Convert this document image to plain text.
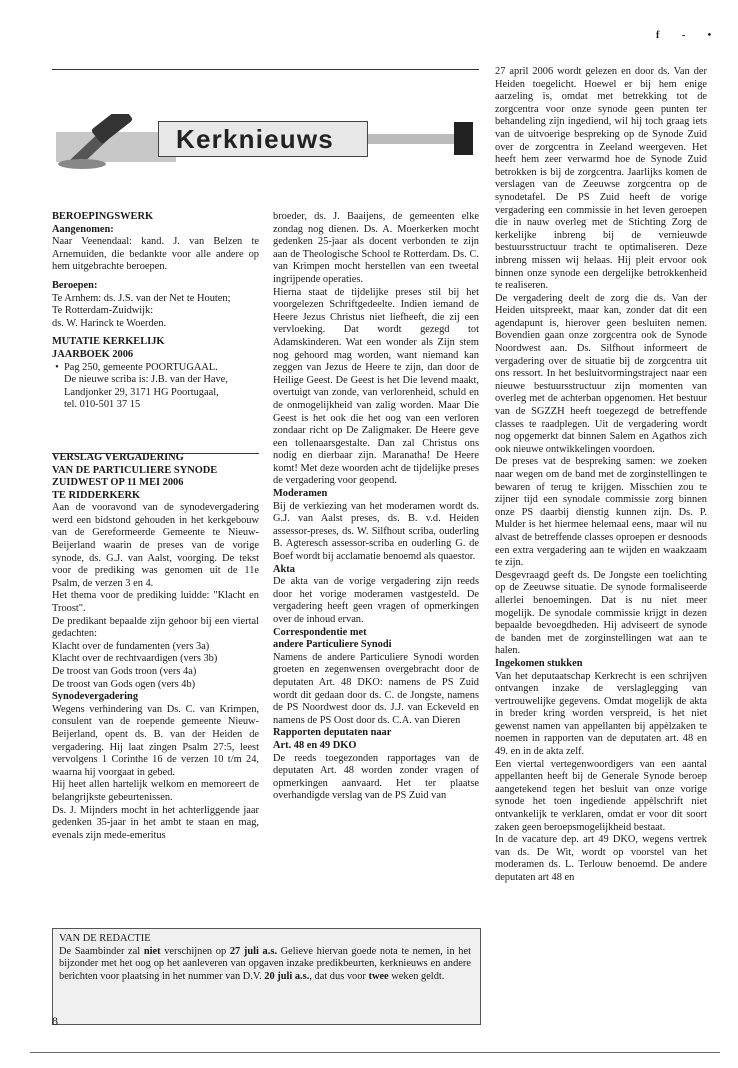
f - •
Kerknieuws

BEROEPINGSWERK

Aangenomen:

Naar Veenendaal: kand. J. van Belzen te Arnemuiden, die bedankte voor alle andere op hem uitgebrachte beroepen.

Beroepen:

Te Arnhem: ds. J.S. van der Net te Houten;

Te Rotterdam-Zuidwijk:

ds. W. Harinck te Woerden.

MUTATIE KERKELIJK

JAARBOEK 2006

• Pag 250, gemeente POORTUGAAL.

De nieuwe scriba is: J.B. van der Have,

Landjonker 29, 3171 HG Poortugaal,

tel. 010-501 37 15

VERSLAG VERGADERING

VAN DE PARTICULIERE SYNODE

ZUIDWEST OP 11 MEI 2006

TE RIDDERKERK

Aan de vooravond van de synodevergadering werd een bidstond gehouden in het kerkgebouw van de Gereformeerde Gemeente te Nieuw-Beijerland waarin de preses van de vorige synode, ds. G.J. van Aalst, voorging. De tekst voor de prediking was genomen uit de 11e Psalm, de verzen 3 en 4.

Het thema voor de prediking luidde: "Klacht en Troost".

De predikant bepaalde zijn gehoor bij een viertal gedachten:

Klacht over de fundamenten (vers 3a)

Klacht over de rechtvaardigen (vers 3b)

De troost van Gods troon (vers 4a)

De troost van Gods ogen (vers 4b)

Synodevergadering

Wegens verhindering van Ds. C. van Krimpen, consulent van de roepende gemeente Nieuw-Beijerland, opent ds. B. van der Heiden de vergadering. Hij laat zingen Psalm 27:5, leest vervolgens 1 Corinthe 16 de verzen 10 t/m 24, waarna hij voorgaat in gebed.

Hij heet allen hartelijk welkom en memoreert de belangrijkste gebeurtenissen.

Ds. J. Mijnders mocht in het achterliggende jaar gedenken 35-jaar in het ambt te staan en mag, evenals zijn mede-emeritus

broeder, ds. J. Baaijens, de gemeenten elke zondag nog dienen. Ds. A. Moerkerken mocht gedenken 25-jaar als docent verbonden te zijn aan de Theologische School te Rotterdam. Ds. C. van Krimpen mocht herstellen van een tweetal ingrijpende operaties.

Hierna staat de tijdelijke preses stil bij het voorgelezen Schriftgedeelte. Indien iemand de Heere Jezus Christus niet liefheeft, die zij een vervloeking. Dat wordt gezegd tot Adamskinderen. Wat een wonder als Zijn stem nog gehoord mag worden, want niemand kan zeggen van Jezus de Heere te zijn, dan door de Heilige Geest. De Geest is het Die levend maakt, overtuigt van zonde, van verlorenheid, schuld en de onmogelijkheid van zalig worden. Maar Die Geest is het ook die het oog van een verloren zondaar richt op De Zaligmaker. De Heere geve een tollenaarsgestalte. Dan zal Christus ons nodig en dierbaar zijn. Maranatha! De Heere komt! Met deze woorden acht de tijdelijke preses de vergadering voor geopend.

Moderamen

Bij de verkiezing van het moderamen wordt ds. G.J. van Aalst preses, ds. B. v.d. Heiden assessor-preses, ds. W. Silfhout scriba, ouderling B. Agteresch assessor-scriba en ouderling G. de Boef wordt bij acclamatie benoemd als quaestor.

Akta

De akta van de vorige vergadering zijn reeds door het vorige moderamen vastgesteld. De vergadering heeft geen vragen of opmerkingen over de inhoud ervan.

Correspondentie met

andere Particuliere Synodi

Namens de andere Particuliere Synodi worden groeten en zegenwensen overgebracht door de deputaten Art. 48 DKO: namens de PS Zuid wordt dit gedaan door ds. C. de Jongste, namens de PS Noordwest door ds. J.J. van Eckeveld en namens de PS Oost door ds. C.A. van Dieren

Rapporten deputaten naar

Art. 48 en 49 DKO

De reeds toegezonden rapportages van de deputaten Art. 48 worden zonder vragen of opmerkingen aanvaard. Het ter plaatse overhandigde verslag van de PS Zuid van

27 april 2006 wordt gelezen en door ds. Van der Heiden toegelicht. Hoewel er bij hem enige aarzeling is, omdat met betrekking tot de zorgcentra voor onze synode geen punten ter behandeling zijn ingediend, wil hij toch graag iets van de uitvoerige bespreking op de Synode Zuid over de zorgcentra in Zeeland weergeven. Het heeft hem zeer verwarmd hoe de Synode Zuid betrokken is bij de zorgcentra. Jaarlijks komen de verslagen van de Zeeuwse zorgcentra op de synodetafel. De PS Zuid heeft de vorige vergadering een commissie in het leven geroepen die in nauw overleg met de Stichting Zorg de kerkelijke inbreng bij de vernieuwde bestuursstructuur tracht te optimaliseren. Deze inbreng missen wij helaas. Hij pleit ervoor ook binnen onze synode een dergelijke betrokkenheid te realiseren.

De vergadering deelt de zorg die ds. Van der Heiden uitspreekt, maar kan, zonder dat dit een agendapunt is, hierover geen besluiten nemen. Bovendien gaan onze zorgcentra ook de Synode Noordwest aan. Ds. Silfhout informeert de vergadering over de situatie bij de zorgcentra uit ons ressort. In het besluitvormingstraject naar een nieuwe bestuursstructuur zijn momenten van overleg met de achterban opgenomen. Het bestuur van de SGZZH heeft toegezegd de betreffende classes te raadplegen. Uit de vergadering wordt nog opgemerkt dat binnen Salem en Agathos zich ook nieuwe ontwikkelingen voordoen.

De preses vat de bespreking samen: we zoeken naar wegen om de band met de zorginstellingen te bewaren of terug te krijgen. Misschien zou te zijner tijd een synodale commissie zorg binnen onze PS daarbij dienstig kunnen zijn. Ds. P. Mulder is het hiermee helemaal eens, maar wil nu alvast de betreffende classes oproepen er desnoods een extra vergadering aan te wijden en waakzaam te zijn.

Desgevraagd geeft ds. De Jongste een toelichting op de Zeeuwse situatie. De synode formaliseerde allerlei benoemingen. Dat is nu niet meer mogelijk. De synodale commissie krijgt in dezen bepaalde bevoegdheden. Hij adviseert de synode de banden met de zorginstellingen wat aan te halen.

Ingekomen stukken

Van het deputaatschap Kerkrecht is een schrijven ontvangen inzake de verslaglegging van vertrouwelijke gegevens. Omdat mogelijk de akta in breder kring worden verspreid, is het niet gewenst namen van appellanten bij appèlzaken te noemen in rapporten van de deputaten art. 48 en 49. en in de akta zelf.

Een viertal vertegenwoordigers van een aantal appellanten heeft bij de Generale Synode beroep aangetekend tegen het besluit van onze vorige synode het toen ingediende appèlschrift niet ontvankelijk te verklaren, omdat er voor dit soort zaken geen beroepsmogelijkheid bestaat.

In de vacature dep. art 49 DKO, wegens vertrek van ds. De Wit, wordt op voorstel van het moderamen ds. L. Terlouw benoemd. De andere deputaten art 48 en

VAN DE REDACTIE

De Saambinder zal niet verschijnen op 27 juli a.s. Gelieve hiervan goede nota te nemen, in het bijzonder met het oog op het aanleveren van opgaven inzake predikbeurten, kerknieuws en andere berichten voor plaatsing in het nummer van D.V. 20 juli a.s., dat dus voor twee weken geldt.

8
